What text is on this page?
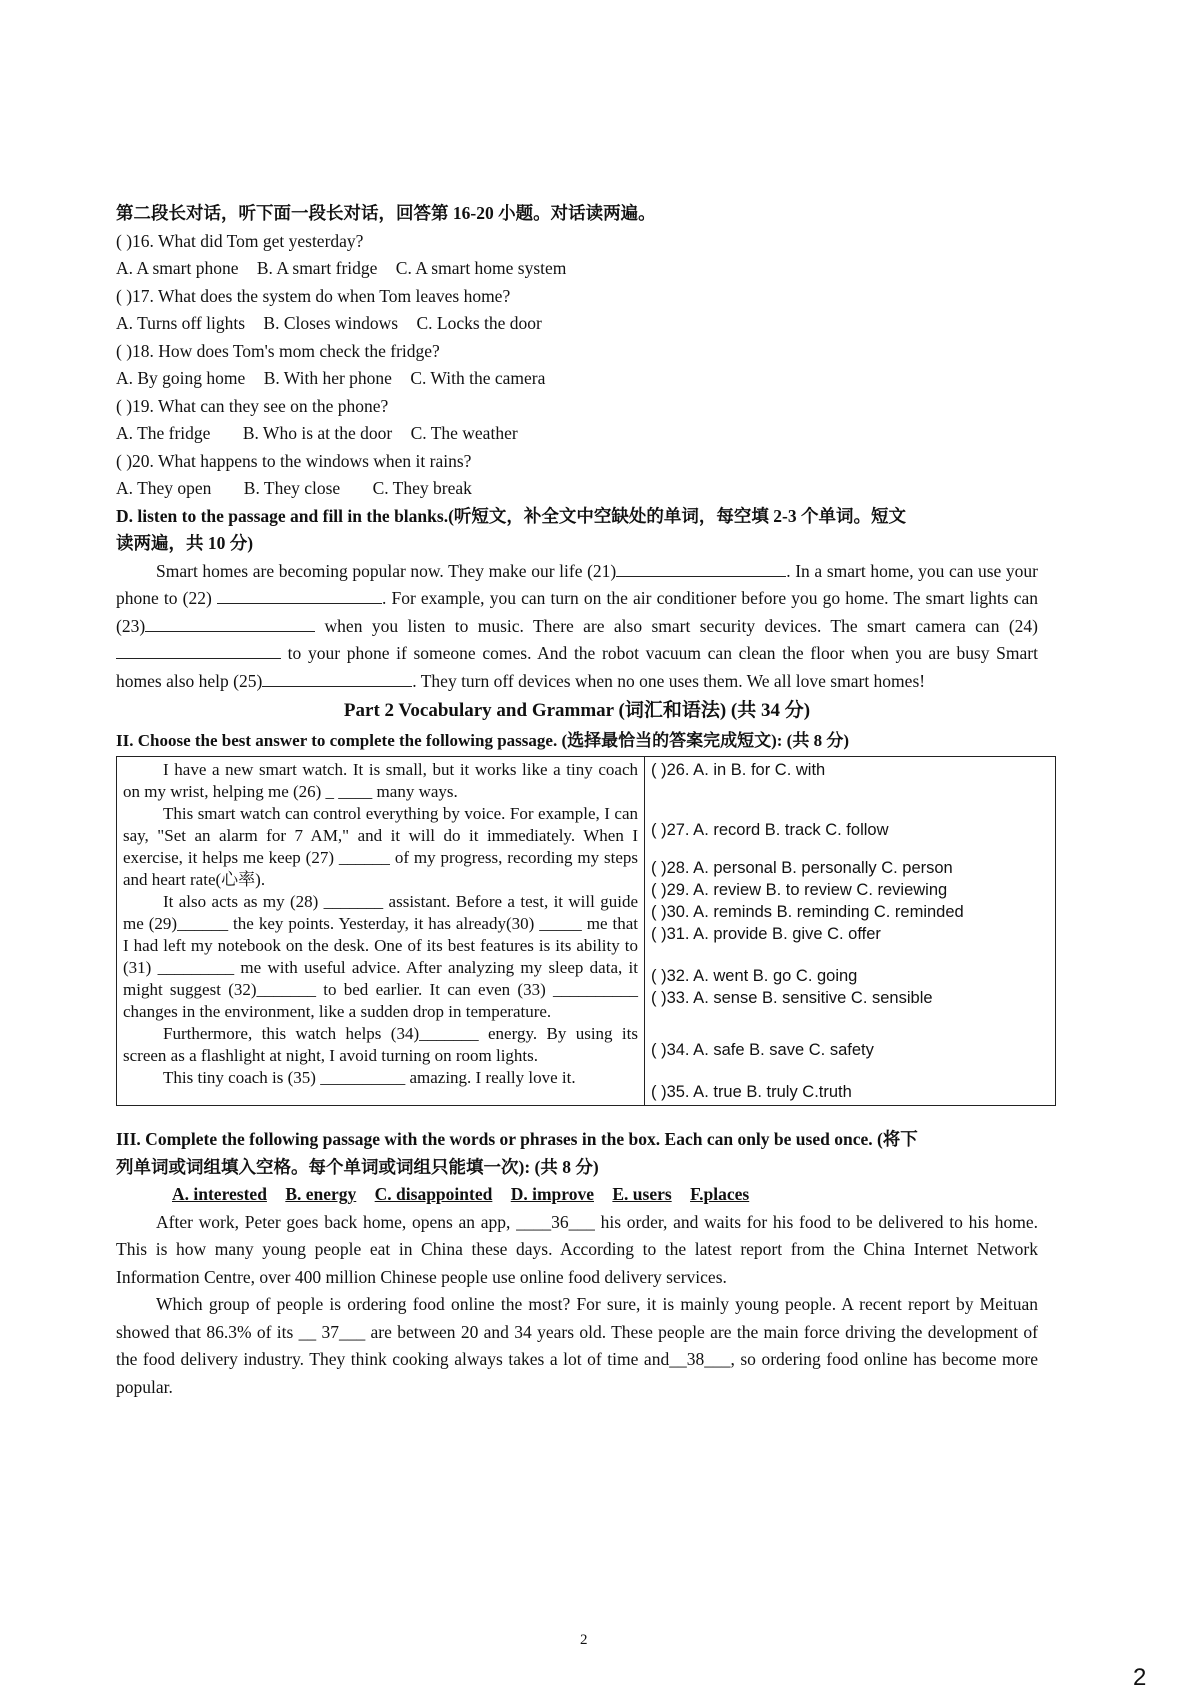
第二段长对话，听下面一段长对话，回答第 16-20 小题。对话读两遍。
( )16. What did Tom get yesterday?
A. A smart phone B. A smart fridge C. A smart home system
( )17. What does the system do when Tom leaves home?
A. Turns off lights B. Closes windows C. Locks the door
( )18. How does Tom's mom check the fridge?
A. By going home B. With her phone C. With the camera
( )19. What can they see on the phone?
A. The fridge B. Who is at the door C. The weather
( )20. What happens to the windows when it rains?
A. They open B. They close C. They break
D. listen to the passage and fill in the blanks.(听短文，补全文中空缺处的单词，每空填 2-3 个单词。短文
读两遍，共 10 分)
Smart homes are becoming popular now. They make our life (21)	. In a smart home, you can use your phone to (22)	. For example, you can turn on the air conditioner before you go home. The smart lights can (23)	when you listen to music. There are also smart security devices. The smart camera can (24) to your phone if someone comes. And the robot vacuum can clean the floor when you are busy Smart homes also help (25)	. They turn off devices when no one uses them. We all love smart homes!
Part 2 Vocabulary and Grammar (词汇和语法) (共 34 分)
II. Choose the best answer to complete the following passage. (选择最恰当的答案完成短文): (共 8 分)
I have a new smart watch. It is small, but it works like a tiny coach on my wrist, helping me (26) _ ____ many ways.
This smart watch can control everything by voice. For example, I can say, "Set an alarm for 7 AM," and it will do it immediately. When I exercise, it helps me keep (27) ______ of my progress, recording my steps and heart rate(心率).
It also acts as my (28) _______ assistant. Before a test, it will guide me (29)______ the key points. Yesterday, it has already(30) _____ me that I had left my notebook on the desk. One of its best features is its ability to (31) _________ me with useful advice. After analyzing my sleep data, it might suggest (32)_______ to bed earlier. It can even (33) __________ changes in the environment, like a sudden drop in temperature.
Furthermore, this watch helps (34)_______ energy. By using its screen as a flashlight at night, I avoid turning on room lights.
This tiny coach is (35) __________ amazing. I really love it.

( )26. A. in B. for C. with
( )27. A. record B. track C. follow
( )28. A. personal B. personally C. person
( )29. A. review B. to review C. reviewing
( )30. A. reminds B. reminding C. reminded
( )31. A. provide B. give C. offer
( )32. A. went B. go C. going
( )33. A. sense B. sensitive C. sensible
( )34. A. safe B. save C. safety
( )35. A. true B. truly C.truth
III. Complete the following passage with the words or phrases in the box. Each can only be used once. (将下
列单词或词组填入空格。每个单词或词组只能填一次): (共 8 分)
A. interested B. energy C. disappointed D. improve E. users F.places
After work, Peter goes back home, opens an app, ____36___ his order, and waits for his food to be delivered to his home. This is how many young people eat in China these days. According to the latest report from the China Internet Network Information Centre, over 400 million Chinese people use online food delivery services.
Which group of people is ordering food online the most? For sure, it is mainly young people. A recent report by Meituan showed that 86.3% of its __ 37___ are between 20 and 34 years old. These people are the main force driving the development of the food delivery industry. They think cooking always takes a lot of time and__38___, so ordering food online has become more popular.
2
2
